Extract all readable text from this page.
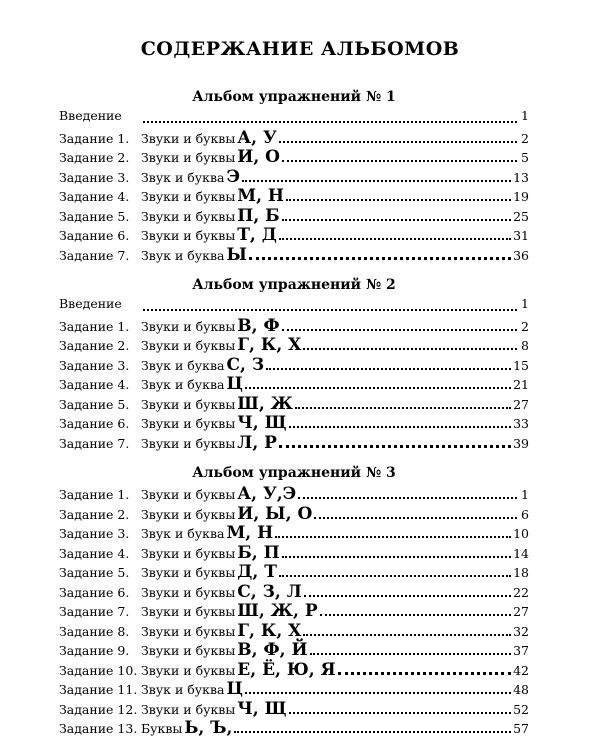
СОДЕРЖАНИЕ АЛЬБОМОВ
Альбом упражнений № 1
Введение	1
Задание 1. Звуки и буквы А, У	2
Задание 2. Звуки и буквы И, О	5
Задание 3. Звук и буква Э	13
Задание 4. Звуки и буквы М, Н	19
Задание 5. Звуки и буквы П, Б	25
Задание 6. Звуки и буквы Т, Д	31
Задание 7. Звук и буква Ы	36
Альбом упражнений № 2
Введение	1
Задание 1. Звуки и буквы В, Ф	2
Задание 2. Звуки и буквы Г, К, Х	8
Задание 3. Звук и буква С, З	15
Задание 4. Звук и буква Ц	21
Задание 5. Звуки и буквы Ш, Ж	27
Задание 6. Звуки и буквы Ч, Щ	33
Задание 7. Звуки и буквы Л, Р	39
Альбом упражнений № 3
Задание 1. Звуки и буквы А, У,Э	1
Задание 2. Звуки и буквы И, Ы, О	6
Задание 3. Звук и буква М, Н	10
Задание 4. Звуки и буквы Б, П	14
Задание 5. Звуки и буквы Д, Т	18
Задание 6. Звуки и буквы С, З, Л	22
Задание 7. Звуки и буквы Ш, Ж, Р	27
Задание 8. Звуки и буквы Г, К, Х	32
Задание 9. Звуки и буквы В, Ф, Й	37
Задание 10. Звуки и буквы Е, Ё, Ю, Я	42
Задание 11. Звук и буква Ц	48
Задание 12. Звуки и буквы Ч, Щ	52
Задание 13. Буквы Ь, Ъ,	57
